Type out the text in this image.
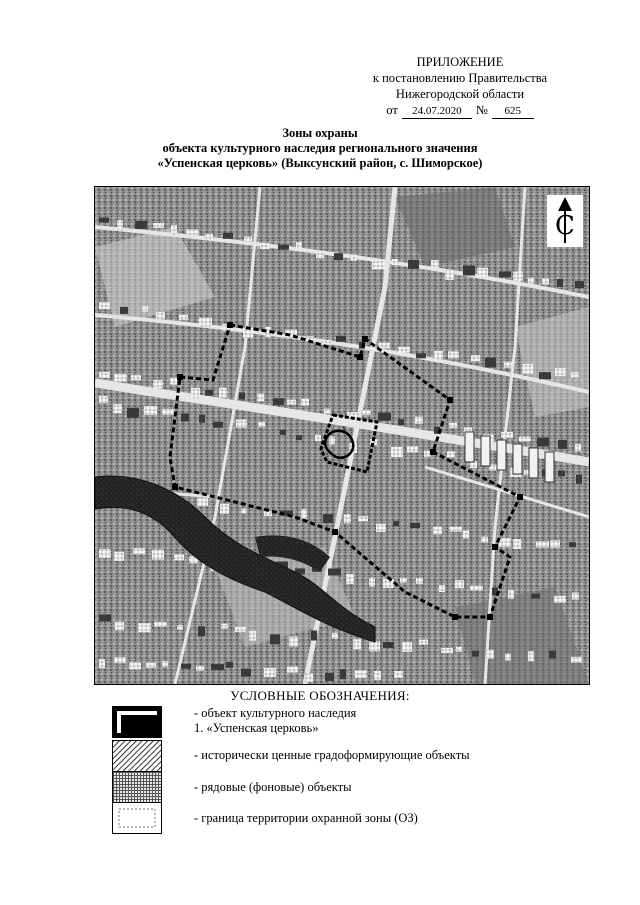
ПРИЛОЖЕНИЕ
к постановлению Правительства
Нижегородской области
от	24.07.2020	№	625
Зоны охраны
объекта культурного наследия регионального значения
«Успенская церковь» (Выксунский район, с. Шиморское)
1
С
УСЛОВНЫЕ ОБОЗНАЧЕНИЯ:
- объект культурного наследия
1. «Успенская церковь»
- исторически ценные градоформирующие объекты
- рядовые (фоновые) объекты
- граница территории охранной зоны (ОЗ)
